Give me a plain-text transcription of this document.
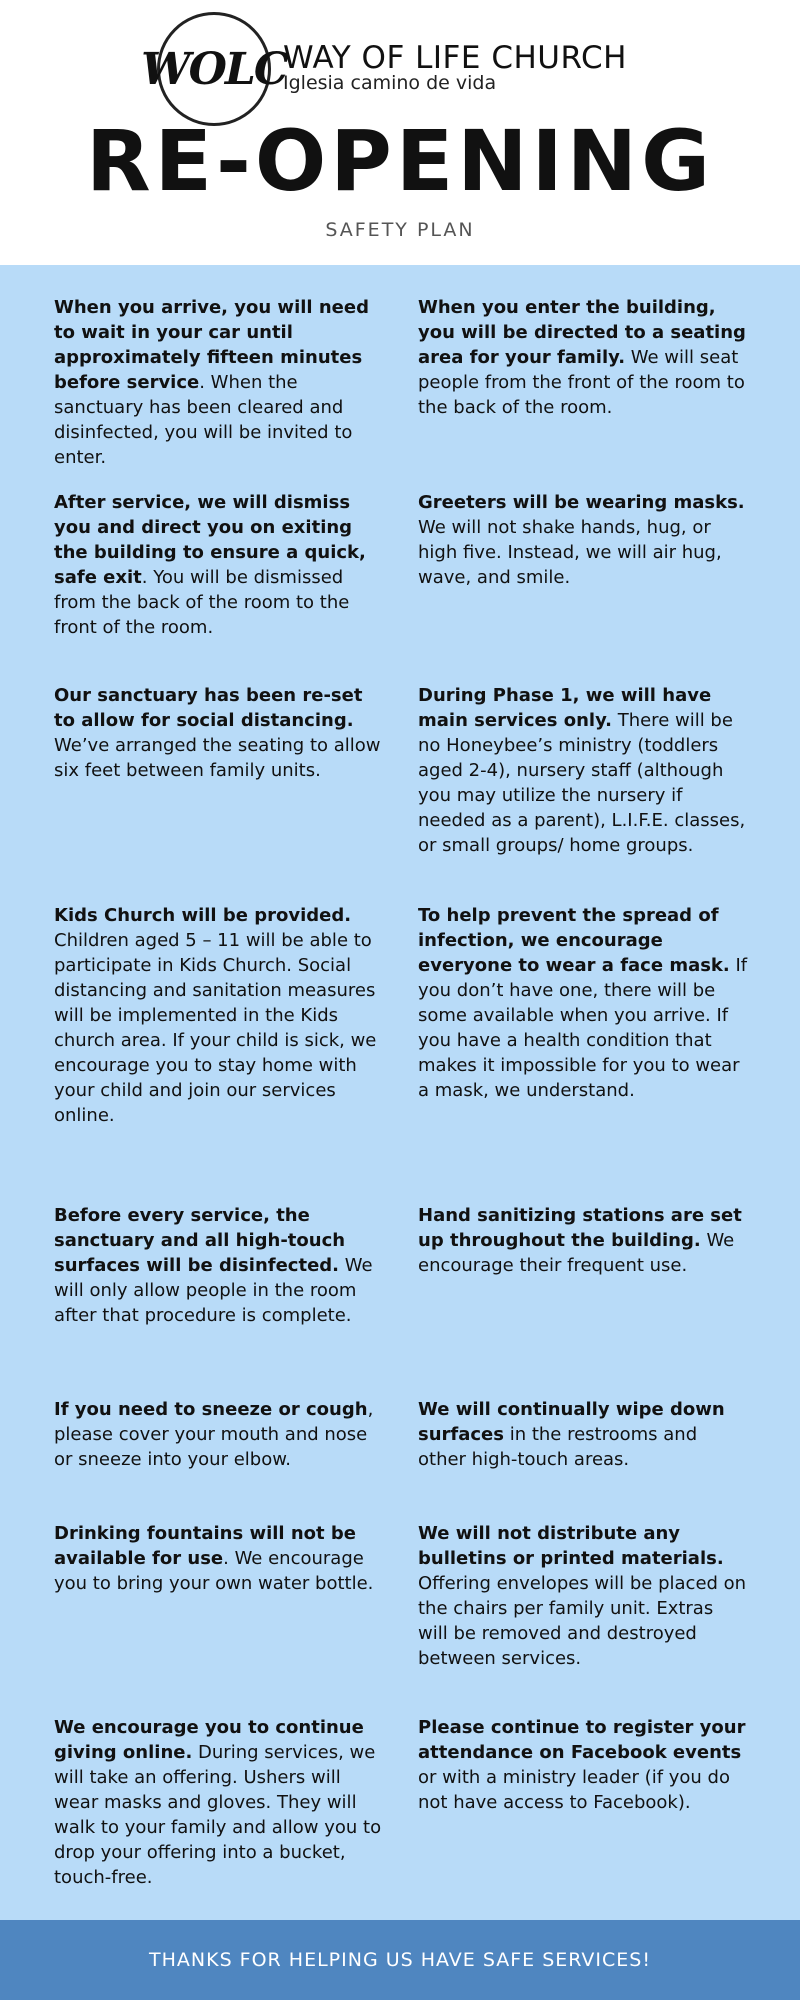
WOLC
WAY OF LIFE CHURCH
Iglesia camino de vida
RE-OPENING
SAFETY PLAN
When you arrive, you will need to wait in your car until approximately fifteen minutes before service. When the sanctuary has been cleared and disinfected, you will be invited to enter.
When you enter the building, you will be directed to a seating area for your family. We will seat people from the front of the room to the back of the room.
After service, we will dismiss you and direct you on exiting the building to ensure a quick, safe exit. You will be dismissed from the back of the room to the front of the room.
Greeters will be wearing masks. We will not shake hands, hug, or high five. Instead, we will air hug, wave, and smile.
Our sanctuary has been re-set to allow for social distancing. We’ve arranged the seating to allow six feet between family units.
During Phase 1, we will have main services only. There will be no Honeybee’s ministry (toddlers aged 2-4), nursery staff (although you may utilize the nursery if needed as a parent), L.I.F.E. classes, or small groups/ home groups.
Kids Church will be provided. Children aged 5 – 11 will be able to participate in Kids Church. Social distancing and sanitation measures will be implemented in the Kids church area. If your child is sick, we encourage you to stay home with your child and join our services online.
To help prevent the spread of infection, we encourage everyone to wear a face mask. If you don’t have one, there will be some available when you arrive. If you have a health condition that makes it impossible for you to wear a mask, we understand.
Before every service, the sanctuary and all high-touch surfaces will be disinfected. We will only allow people in the room after that procedure is complete.
Hand sanitizing stations are set up throughout the building. We encourage their frequent use.
If you need to sneeze or cough, please cover your mouth and nose or sneeze into your elbow.
We will continually wipe down surfaces in the restrooms and other high-touch areas.
Drinking fountains will not be available for use. We encourage you to bring your own water bottle.
We will not distribute any bulletins or printed materials. Offering envelopes will be placed on the chairs per family unit. Extras will be removed and destroyed between services.
We encourage you to continue giving online. During services, we will take an offering. Ushers will wear masks and gloves. They will walk to your family and allow you to drop your offering into a bucket, touch-free.
Please continue to register your attendance on Facebook events or with a ministry leader (if you do not have access to Facebook).
THANKS FOR HELPING US HAVE SAFE SERVICES!
